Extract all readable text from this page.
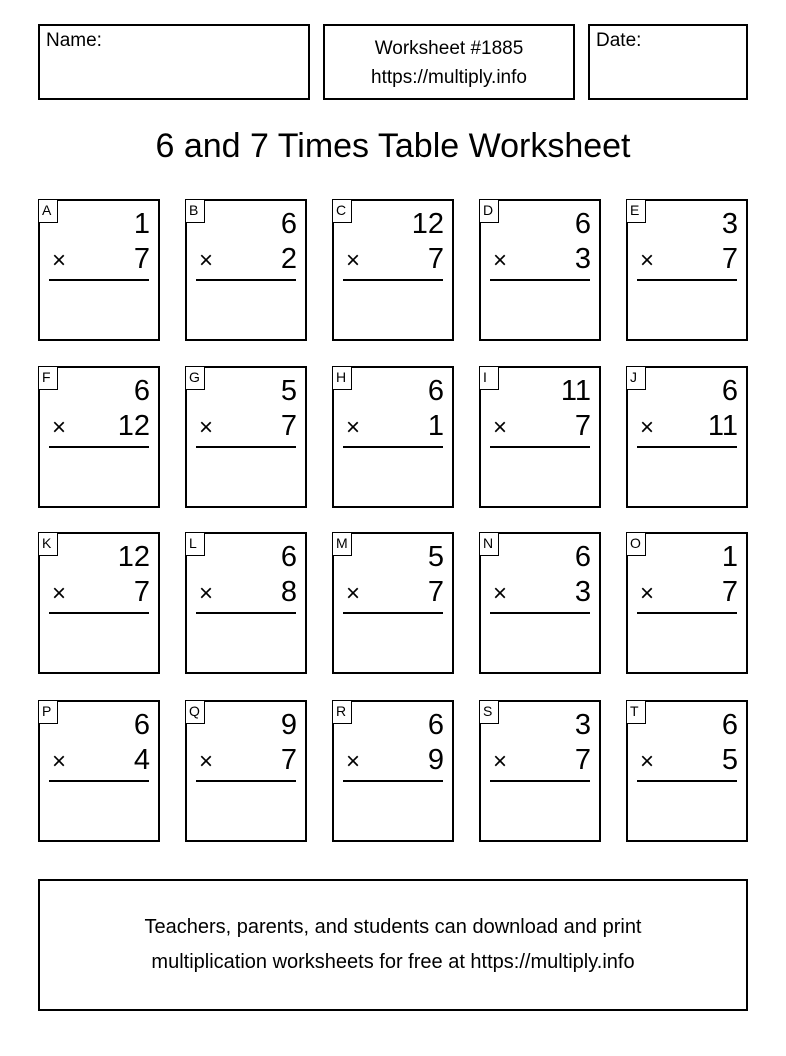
Name:	Worksheet #1885
https://multiply.info
Date:
6 and 7 Times Table Worksheet
A	1
× 7
B	6
× 2
C 12
× 7
D	6
× 3
E	3
× 7
F	6
× 12
G	5
× 7
H	6
× 1
I	11
× 7
J	6
× 11
K 12
× 7
L	6
× 8
M	5
× 7
N	6
× 3
O	1
× 7
P	6
× 4
Q	9
× 7
R	6
× 9
S	3
× 7
T	6
× 5
Teachers, parents, and students can download and print
multiplication worksheets for free at https://multiply.info
